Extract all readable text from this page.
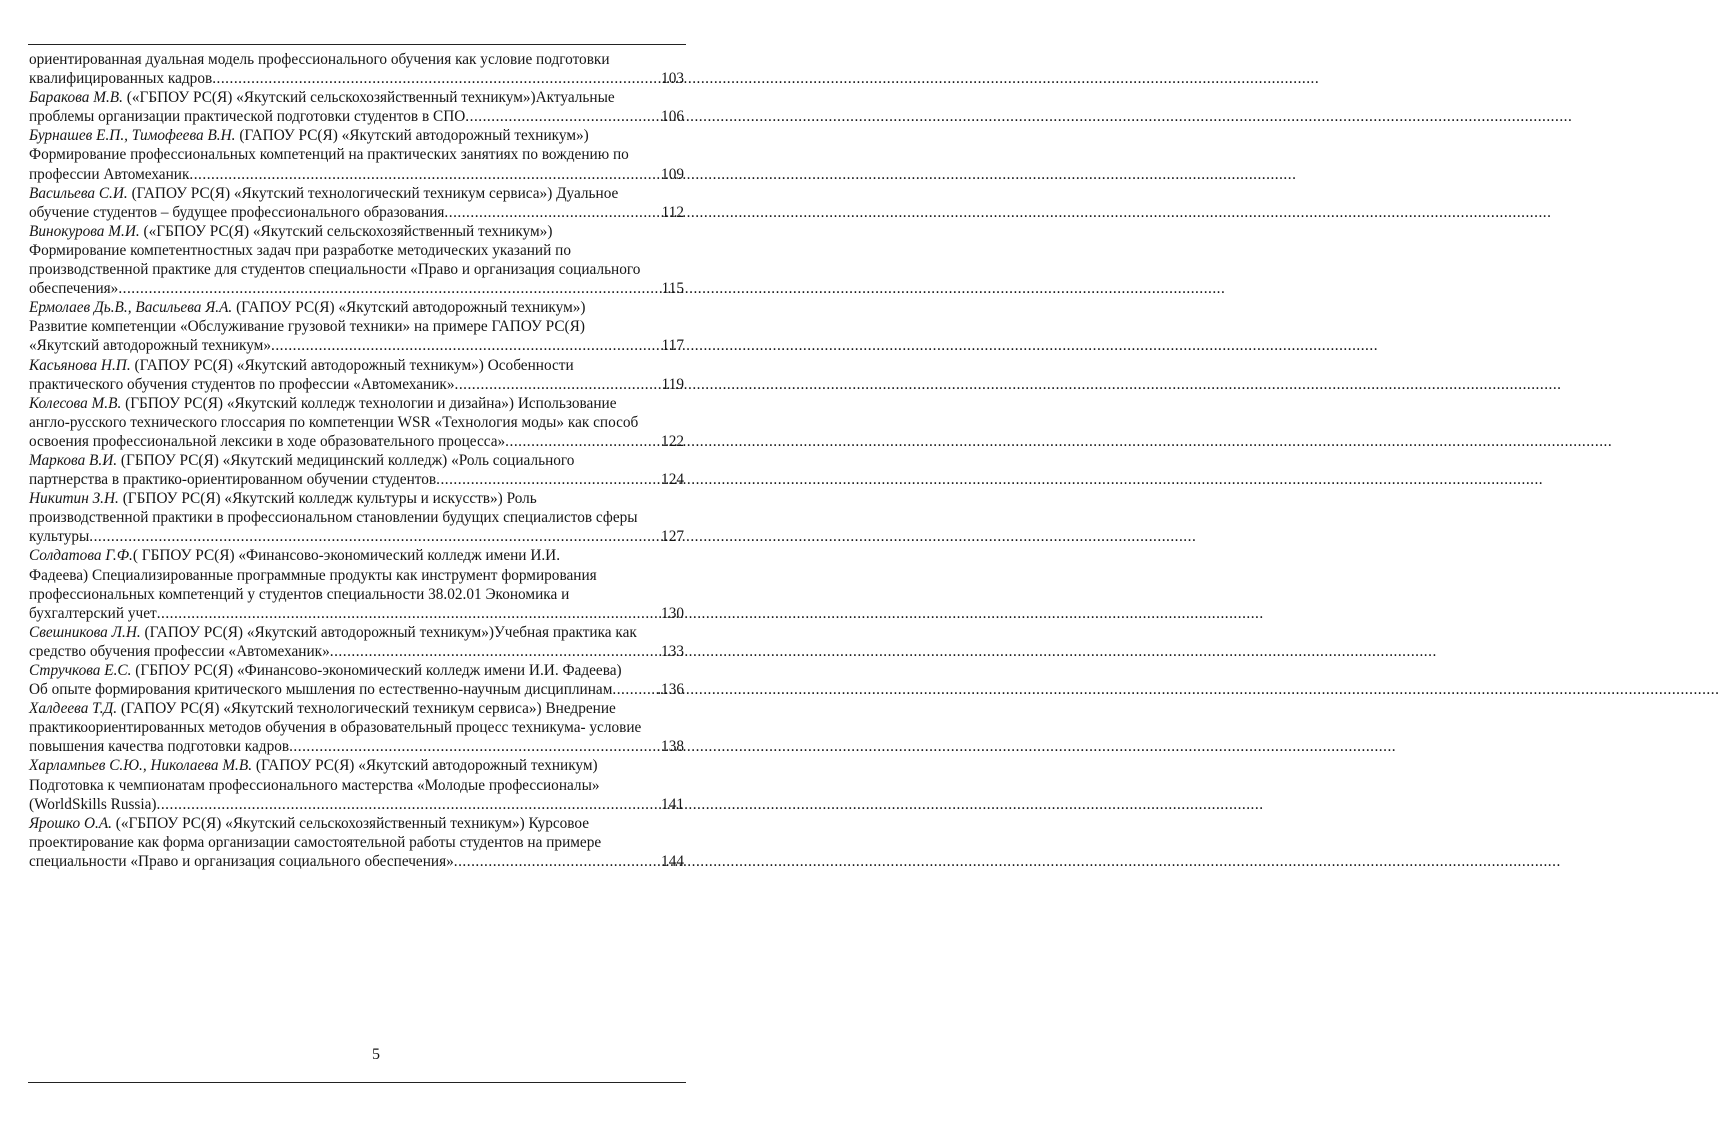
ориентированная дуальная модель профессионального обучения как условие подготовки
квалифицированных кадров .....	103
Баракова М.В. («ГБПОУ РС(Я) «Якутский сельскохозяйственный техникум»)Актуальные
проблемы организации практической подготовки студентов в СПО .....	106
Бурнашев Е.П., Тимофеева В.Н. (ГАПОУ РС(Я) «Якутский автодорожный техникум»)
Формирование профессиональных компетенций на практических занятиях по вождению по
профессии Автомеханик .....	109
Васильева С.И. (ГАПОУ РС(Я) «Якутский технологический техникум сервиса») Дуальное
обучение студентов – будущее профессионального образования .....	112
Винокурова М.И. («ГБПОУ РС(Я) «Якутский сельскохозяйственный техникум»)
Формирование компетентностных задач при разработке методических указаний по
производственной практике для студентов специальности «Право и организация социального
обеспечения» .....	115
Ермолаев Дь.В., Васильева Я.А. (ГАПОУ РС(Я) «Якутский автодорожный техникум»)
Развитие компетенции «Обслуживание грузовой техники» на примере ГАПОУ РС(Я)
«Якутский автодорожный техникум» .....	117
Касьянова Н.П. (ГАПОУ РС(Я) «Якутский автодорожный техникум») Особенности
практического обучения студентов по профессии «Автомеханик» .....	119
Колесова М.В. (ГБПОУ РС(Я) «Якутский колледж технологии и дизайна») Использование
англо-русского технического глоссария по компетенции WSR «Технология моды» как способ
освоения профессиональной лексики в ходе образовательного процесса» .....	122
Маркова В.И. (ГБПОУ РС(Я) «Якутский медицинский колледж) «Роль социального
партнерства в практико-ориентированном обучении студентов .....	124
Никитин З.Н. (ГБПОУ РС(Я) «Якутский колледж культуры и искусств») Роль
производственной практики в профессиональном становлении будущих специалистов сферы
культуры .....	127
Солдатова Г.Ф.( ГБПОУ РС(Я) «Финансово-экономический колледж имени И.И.
Фадеева) Специализированные программные продукты как инструмент формирования
профессиональных компетенций у студентов специальности 38.02.01 Экономика и
бухгалтерский учет .....	130
Свешникова Л.Н. (ГАПОУ РС(Я) «Якутский автодорожный техникум»)Учебная практика как
средство обучения профессии «Автомеханик» .....	133
Стручкова Е.С. (ГБПОУ РС(Я) «Финансово-экономический колледж имени И.И. Фадеева)
Об опыте формирования критического мышления по естественно-научным дисциплинам .....	.136
Халдеева Т.Д. (ГАПОУ РС(Я) «Якутский технологический техникум сервиса») Внедрение
практикоориентированных методов обучения в образовательный процесс техникума- условие
повышения качества подготовки кадров .....	138
Харлампьев С.Ю., Николаева М.В. (ГАПОУ РС(Я) «Якутский автодорожный техникум)
Подготовка к чемпионатам профессионального мастерства «Молодые профессионалы»
(WorldSkills Russia) .....	141
Ярошко О.А. («ГБПОУ РС(Я) «Якутский сельскохозяйственный техникум») Курсовое
проектирование как форма организации самостоятельной работы студентов на примере
специальности «Право и организация социального обеспечения» .....	144
5
